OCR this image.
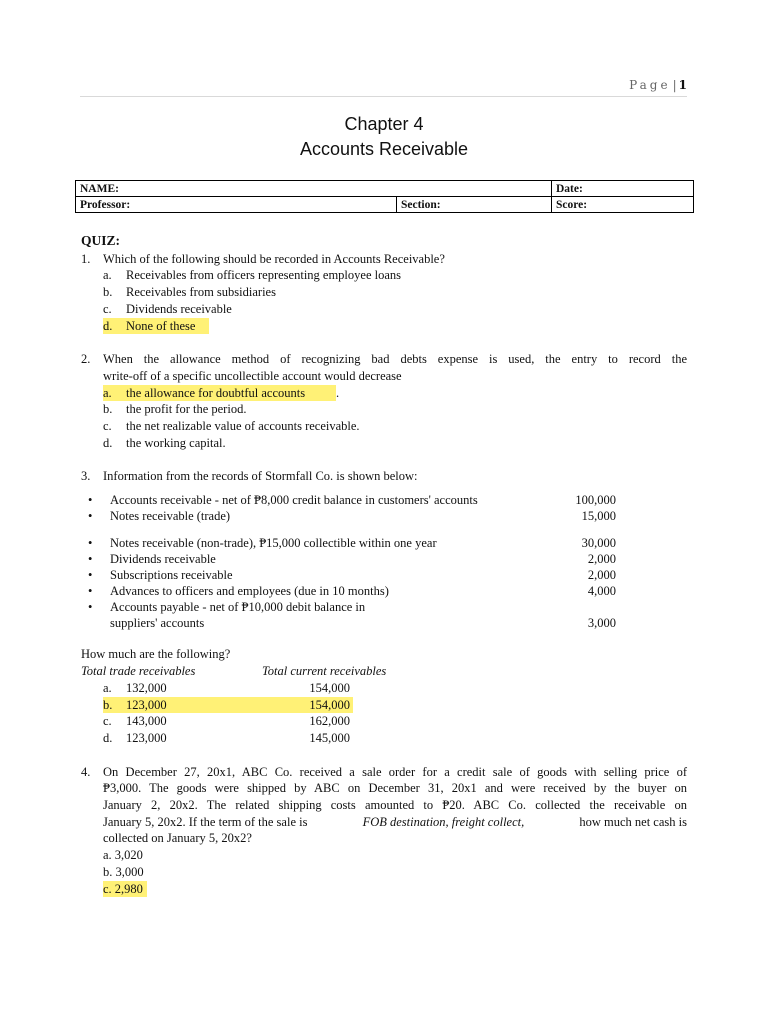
Page | 1
Chapter 4
Accounts Receivable
NAME:		Date:
Professor:	Section:	Score:
QUIZ:
1. Which of the following should be recorded in Accounts Receivable?
a. Receivables from officers representing employee loans
b. Receivables from subsidiaries
c. Dividends receivable
d. None of these
2. When the allowance method of recognizing bad debts expense is used, the entry to record the
write-off of a specific uncollectible account would decrease
a. the allowance for doubtful accounts .
b. the profit for the period.
c. the net realizable value of accounts receivable.
d. the working capital.
3. Information from the records of Stormfall Co. is shown below:
• Accounts receivable - net of ₱8,000 credit balance in customers' accounts	100,000
• Notes receivable (trade)	15,000
• Notes receivable (non-trade), ₱15,000 collectible within one year	30,000
• Dividends receivable	2,000
• Subscriptions receivable	2,000
• Advances to officers and employees (due in 10 months)	4,000
• Accounts payable - net of ₱10,000 debit balance in
suppliers' accounts	3,000
How much are the following?
Total trade receivables	Total current receivables
a. 132,000	154,000
b. 123,000	154,000
c. 143,000	162,000
d. 123,000	145,000
4. On December 27, 20x1, ABC Co. received a sale order for a credit sale of goods with selling price of
₱3,000. The goods were shipped by ABC on December 31, 20x1 and were received by the buyer on
January 2, 20x2. The related shipping costs amounted to ₱20. ABC Co. collected the receivable on
January 5, 20x2. If the term of the sale is	FOB destination, freight collect,	how much net cash is
collected on January 5, 20x2?
a. 3,020
b. 3,000
c. 2,980
